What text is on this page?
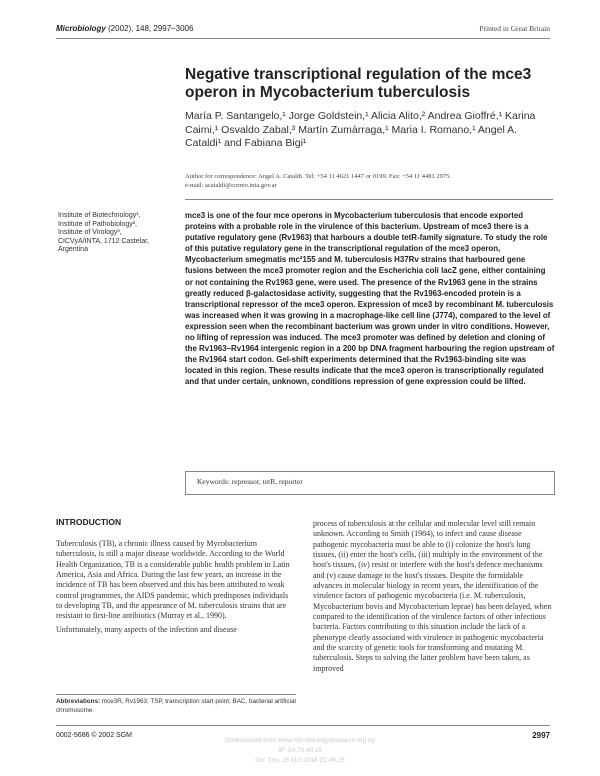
Microbiology (2002), 148, 2997–3006	Printed in Great Britain
Negative transcriptional regulation of the mce3 operon in Mycobacterium tuberculosis
María P. Santangelo,¹ Jorge Goldstein,¹ Alicia Alito,² Andrea Gioffré,¹ Karina Caimi,¹ Osvaldo Zabal,³ Martín Zumárraga,¹ Maria I. Romano,¹ Angel A. Cataldi¹ and Fabiana Bigi¹
Author for correspondence: Angel A. Cataldi. Tel: +54 11 4621 1447 or 0199. Fax: +54 11 4481 2975.
e-mail: acataldi@correo.inta.gov.ar
Institute of Biotechnology¹,
Institute of Pathobiology²,
Institute of Virology³,
CICVyA/INTA, 1712 Castelar,
Argentina
mce3 is one of the four mce operons in Mycobacterium tuberculosis that encode exported proteins with a probable role in the virulence of this bacterium. Upstream of mce3 there is a putative regulatory gene (Rv1963) that harbours a double tetR-family signature. To study the role of this putative regulatory gene in the transcriptional regulation of the mce3 operon, Mycobacterium smegmatis mc²155 and M. tuberculosis H37Rv strains that harboured gene fusions between the mce3 promoter region and the Escherichia coli lacZ gene, either containing or not containing the Rv1963 gene, were used. The presence of the Rv1963 gene in the strains greatly reduced β-galactosidase activity, suggesting that the Rv1963-encoded protein is a transcriptional repressor of the mce3 operon. Expression of mce3 by recombinant M. tuberculosis was increased when it was growing in a macrophage-like cell line (J774), compared to the level of expression seen when the recombinant bacterium was grown under in vitro conditions. However, no lifting of repression was induced. The mce3 promoter was defined by deletion and cloning of the Rv1963–Rv1964 intergenic region in a 200 bp DNA fragment harbouring the region upstream of the Rv1964 start codon. Gel-shift experiments determined that the Rv1963-binding site was located in this region. These results indicate that the mce3 operon is transcriptionally regulated and that under certain, unknown, conditions repression of gene expression could be lifted.
Keywords: repressor, tetR, reporter
INTRODUCTION

Tuberculosis (TB), a chronic illness caused by Mycobacterium tuberculosis, is still a major disease worldwide. According to the World Health Organization, TB is a considerable public health problem in Latin America, Asia and Africa. During the last few years, an increase in the incidence of TB has been observed and this has been attributed to weak control programmes, the AIDS pandemic, which predisposes individuals to developing TB, and the appearance of M. tuberculosis strains that are resistant to first-line antibiotics (Murray et al., 1990).

Unfortunately, many aspects of the infection and disease

process of tuberculosis at the cellular and molecular level still remain unknown. According to Smith (1984), to infect and cause disease pathogenic mycobacteria must be able to (i) colonize the host's lung tissues, (ii) enter the host's cells, (iii) multiply in the environment of the host's tissues, (iv) resist or interfere with the host's defence mechanisms and (v) cause damage to the host's tissues. Despite the formidable advances in molecular biology in recent years, the identification of the virulence factors of pathogenic mycobacteria (i.e. M. tuberculosis, Mycobacterium bovis and Mycobacterium leprae) has been delayed, when compared to the identification of the virulence factors of other infectious bacteria. Factors contributing to this situation include the lack of a phenotype clearly associated with virulence in pathogenic mycobacteria and the scarcity of genetic tools for transforming and mutating M. tuberculosis. Steps to solving the latter problem have been taken, as improved

Abbreviations: mce3R, Rv1963; TSP, transcription start point; BAC, bacterial artificial chromosome.
0002-5686 © 2002 SGM	2997
Downloaded from www.microbiologyresearch.org by
IP: 54.70.40.11
On: Thu, 25 Oct 2018 21:49:28
